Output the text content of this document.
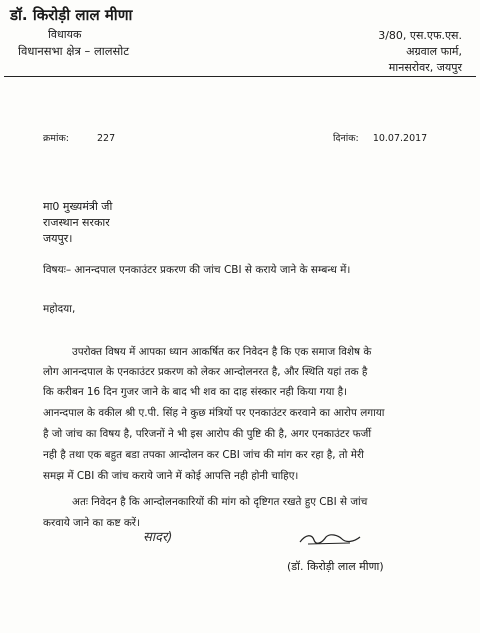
डॉ. किरोड़ी लाल मीणा
विधायक
विधानसभा क्षेत्र – लालसोट
3/80, एस.एफ.एस.
अग्रवाल फार्म,
मानसरोवर, जयपुर
क्रमांक:	227	दिनांक: 10.07.2017
मा0 मुख्यमंत्री जी
राजस्थान सरकार
जयपुर।
विषयः– आनन्दपाल एनकाउंटर प्रकरण की जांच CBI से कराये जाने के सम्बन्ध में।
महोदया,
उपरोक्त विषय में आपका ध्यान आकर्षित कर निवेदन है कि एक समाज विशेष के
लोग आनन्दपाल के एनकाउंटर प्रकरण को लेकर आन्दोलनरत है, और स्थिति यहां तक है
कि करीबन 16 दिन गुजर जाने के बाद भी शव का दाह संस्कार नही किया गया है।
आनन्दपाल के वकील श्री ए.पी. सिंह ने कुछ मंत्रियों पर एनकाउंटर करवाने का आरोप लगाया
है जो जांच का विषय है, परिजनों ने भी इस आरोप की पुष्टि की है, अगर एनकाउंटर फर्जी
नही है तथा एक बहुत बडा तपका आन्दोलन कर CBI जांच की मांग कर रहा है, तो मेरी
समझ में CBI की जांच कराये जाने में कोई आपत्ति नही होनी चाहिए।
अतः निवेदन है कि आन्दोलनकारियों की मांग को दृष्टिगत रखते हुए CBI से जांच
करवाये जाने का कष्ट करें।
सादर)
(डॉ. किरोड़ी लाल मीणा)
